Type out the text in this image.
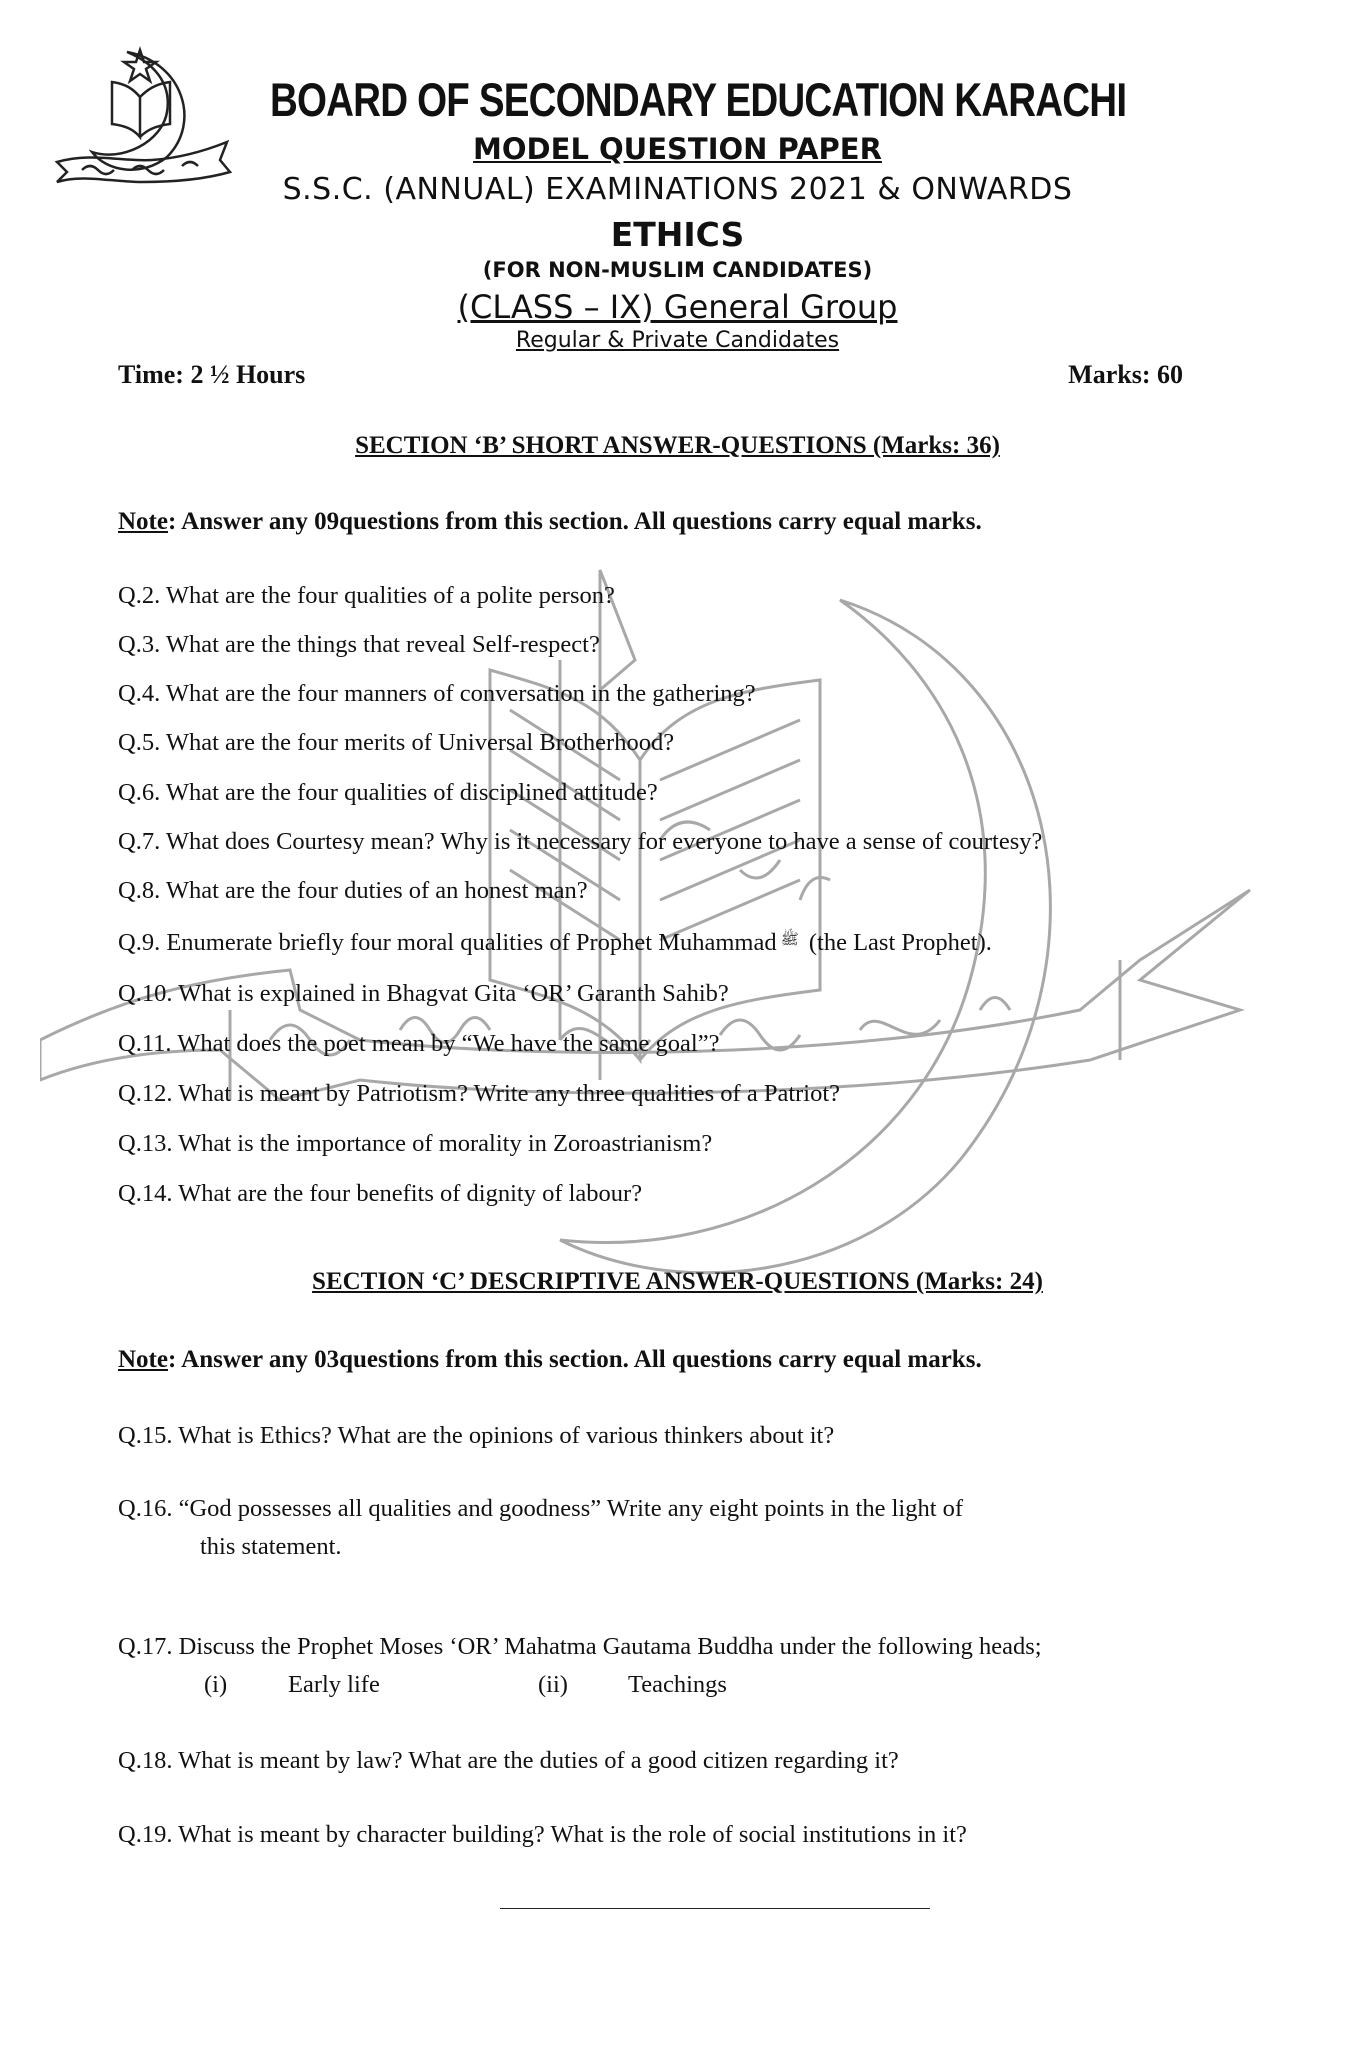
BOARD OF SECONDARY EDUCATION KARACHI
MODEL QUESTION PAPER
S.S.C. (ANNUAL) EXAMINATIONS 2021 & ONWARDS
ETHICS
(FOR NON-MUSLIM CANDIDATES)
(CLASS – IX) General Group
Regular & Private Candidates
Time: 2 ½ Hours	Marks: 60
SECTION ‘B’ SHORT ANSWER-QUESTIONS (Marks: 36)
Note: Answer any 09questions from this section. All questions carry equal marks.
Q.2. What are the four qualities of a polite person?
Q.3. What are the things that reveal Self-respect?
Q.4. What are the four manners of conversation in the gathering?
Q.5. What are the four merits of Universal Brotherhood?
Q.6. What are the four qualities of disciplined attitude?
Q.7. What does Courtesy mean? Why is it necessary for everyone to have a sense of courtesy?
Q.8. What are the four duties of an honest man?
Q.9. Enumerate briefly four moral qualities of Prophet Muhammad $^ﷺ$ (the Last Prophet).
Q.10. What is explained in Bhagvat Gita ‘OR’ Garanth Sahib?
Q.11. What does the poet mean by “We have the same goal”?
Q.12. What is meant by Patriotism? Write any three qualities of a Patriot?
Q.13. What is the importance of morality in Zoroastrianism?
Q.14. What are the four benefits of dignity of labour?
SECTION ‘C’ DESCRIPTIVE ANSWER-QUESTIONS (Marks: 24)
Note: Answer any 03questions from this section. All questions carry equal marks.
Q.15. What is Ethics? What are the opinions of various thinkers about it?
Q.16. “God possesses all qualities and goodness” Write any eight points in the light of
this statement.
Q.17. Discuss the Prophet Moses ‘OR’ Mahatma Gautama Buddha under the following heads;
(i) Early life	(ii) Teachings
Q.18. What is meant by law? What are the duties of a good citizen regarding it?
Q.19. What is meant by character building? What is the role of social institutions in it?
